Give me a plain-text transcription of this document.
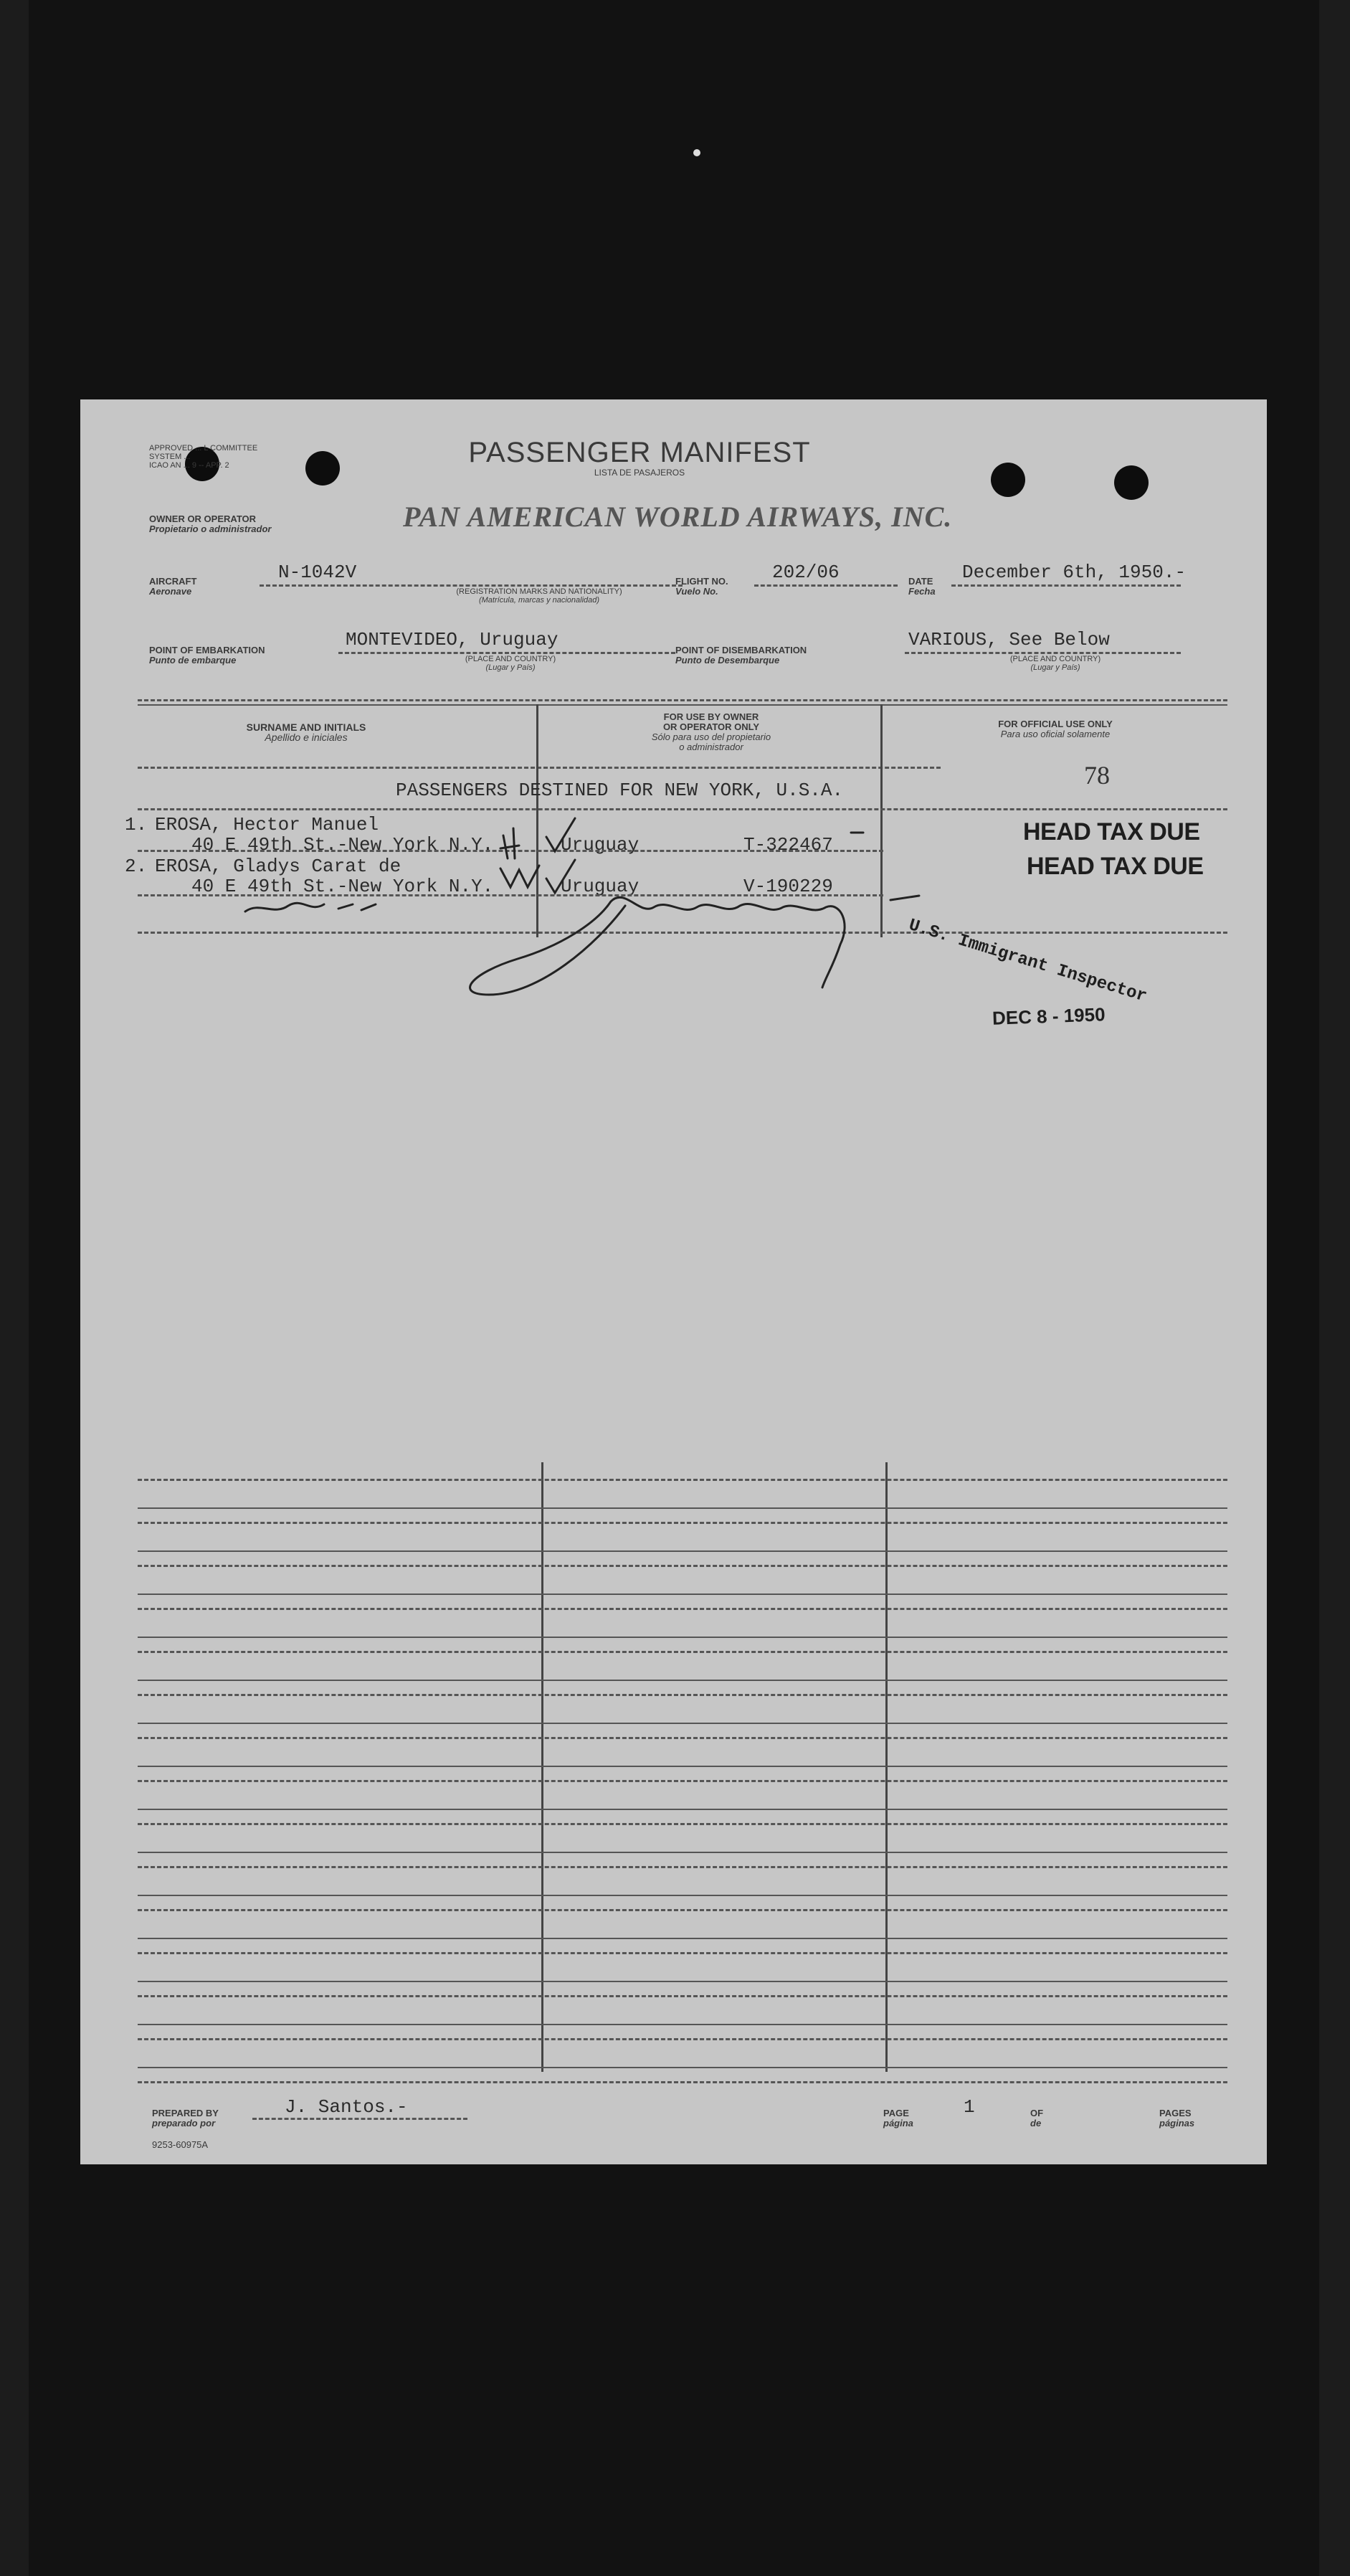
APPROVED ... L COMMITTEE
SYSTEM ...
ICAO AN ... 9 -- APP. 2	PASSENGER MANIFEST
LISTA DE PASAJEROS
OWNER OR OPERATOR
Propietario o administrador	PAN AMERICAN WORLD AIRWAYS, INC.
AIRCRAFT
Aeronave
N-1042V
(REGISTRATION MARKS AND NATIONALITY)
(Matrícula, marcas y nacionalidad)
FLIGHT NO.
Vuelo No.
202/06	DATE
Fecha
December 6th, 1950.-
POINT OF EMBARKATION
Punto de embarque
MONTEVIDEO, Uruguay
(PLACE AND COUNTRY)
(Lugar y País)
POINT OF DISEMBARKATION
Punto de Desembarque
VARIOUS, See Below
(PLACE AND COUNTRY)
(Lugar y País)
SURNAME AND INITIALS
Apellido e iniciales
FOR USE BY OWNER
OR OPERATOR ONLY
Sólo para uso del propietario
o administrador
FOR OFFICIAL USE ONLY
Para uso oficial solamente
PASSENGERS DESTINED FOR NEW YORK, U.S.A.
78
1. EROSA, Hector Manuel
40 E 49th St.-New York N.Y.	Uruguay	T-322467	HEAD TAX DUE
2. EROSA, Gladys Carat de
40 E 49th St.-New York N.Y.	Uruguay	V-190229
HEAD TAX DUE
U.S. Immigrant Inspector
DEC 8 - 1950
PREPARED BY
preparado por
J. Santos.-	PAGE
página
1	OF
de
PAGES
páginas
9253-60975A
